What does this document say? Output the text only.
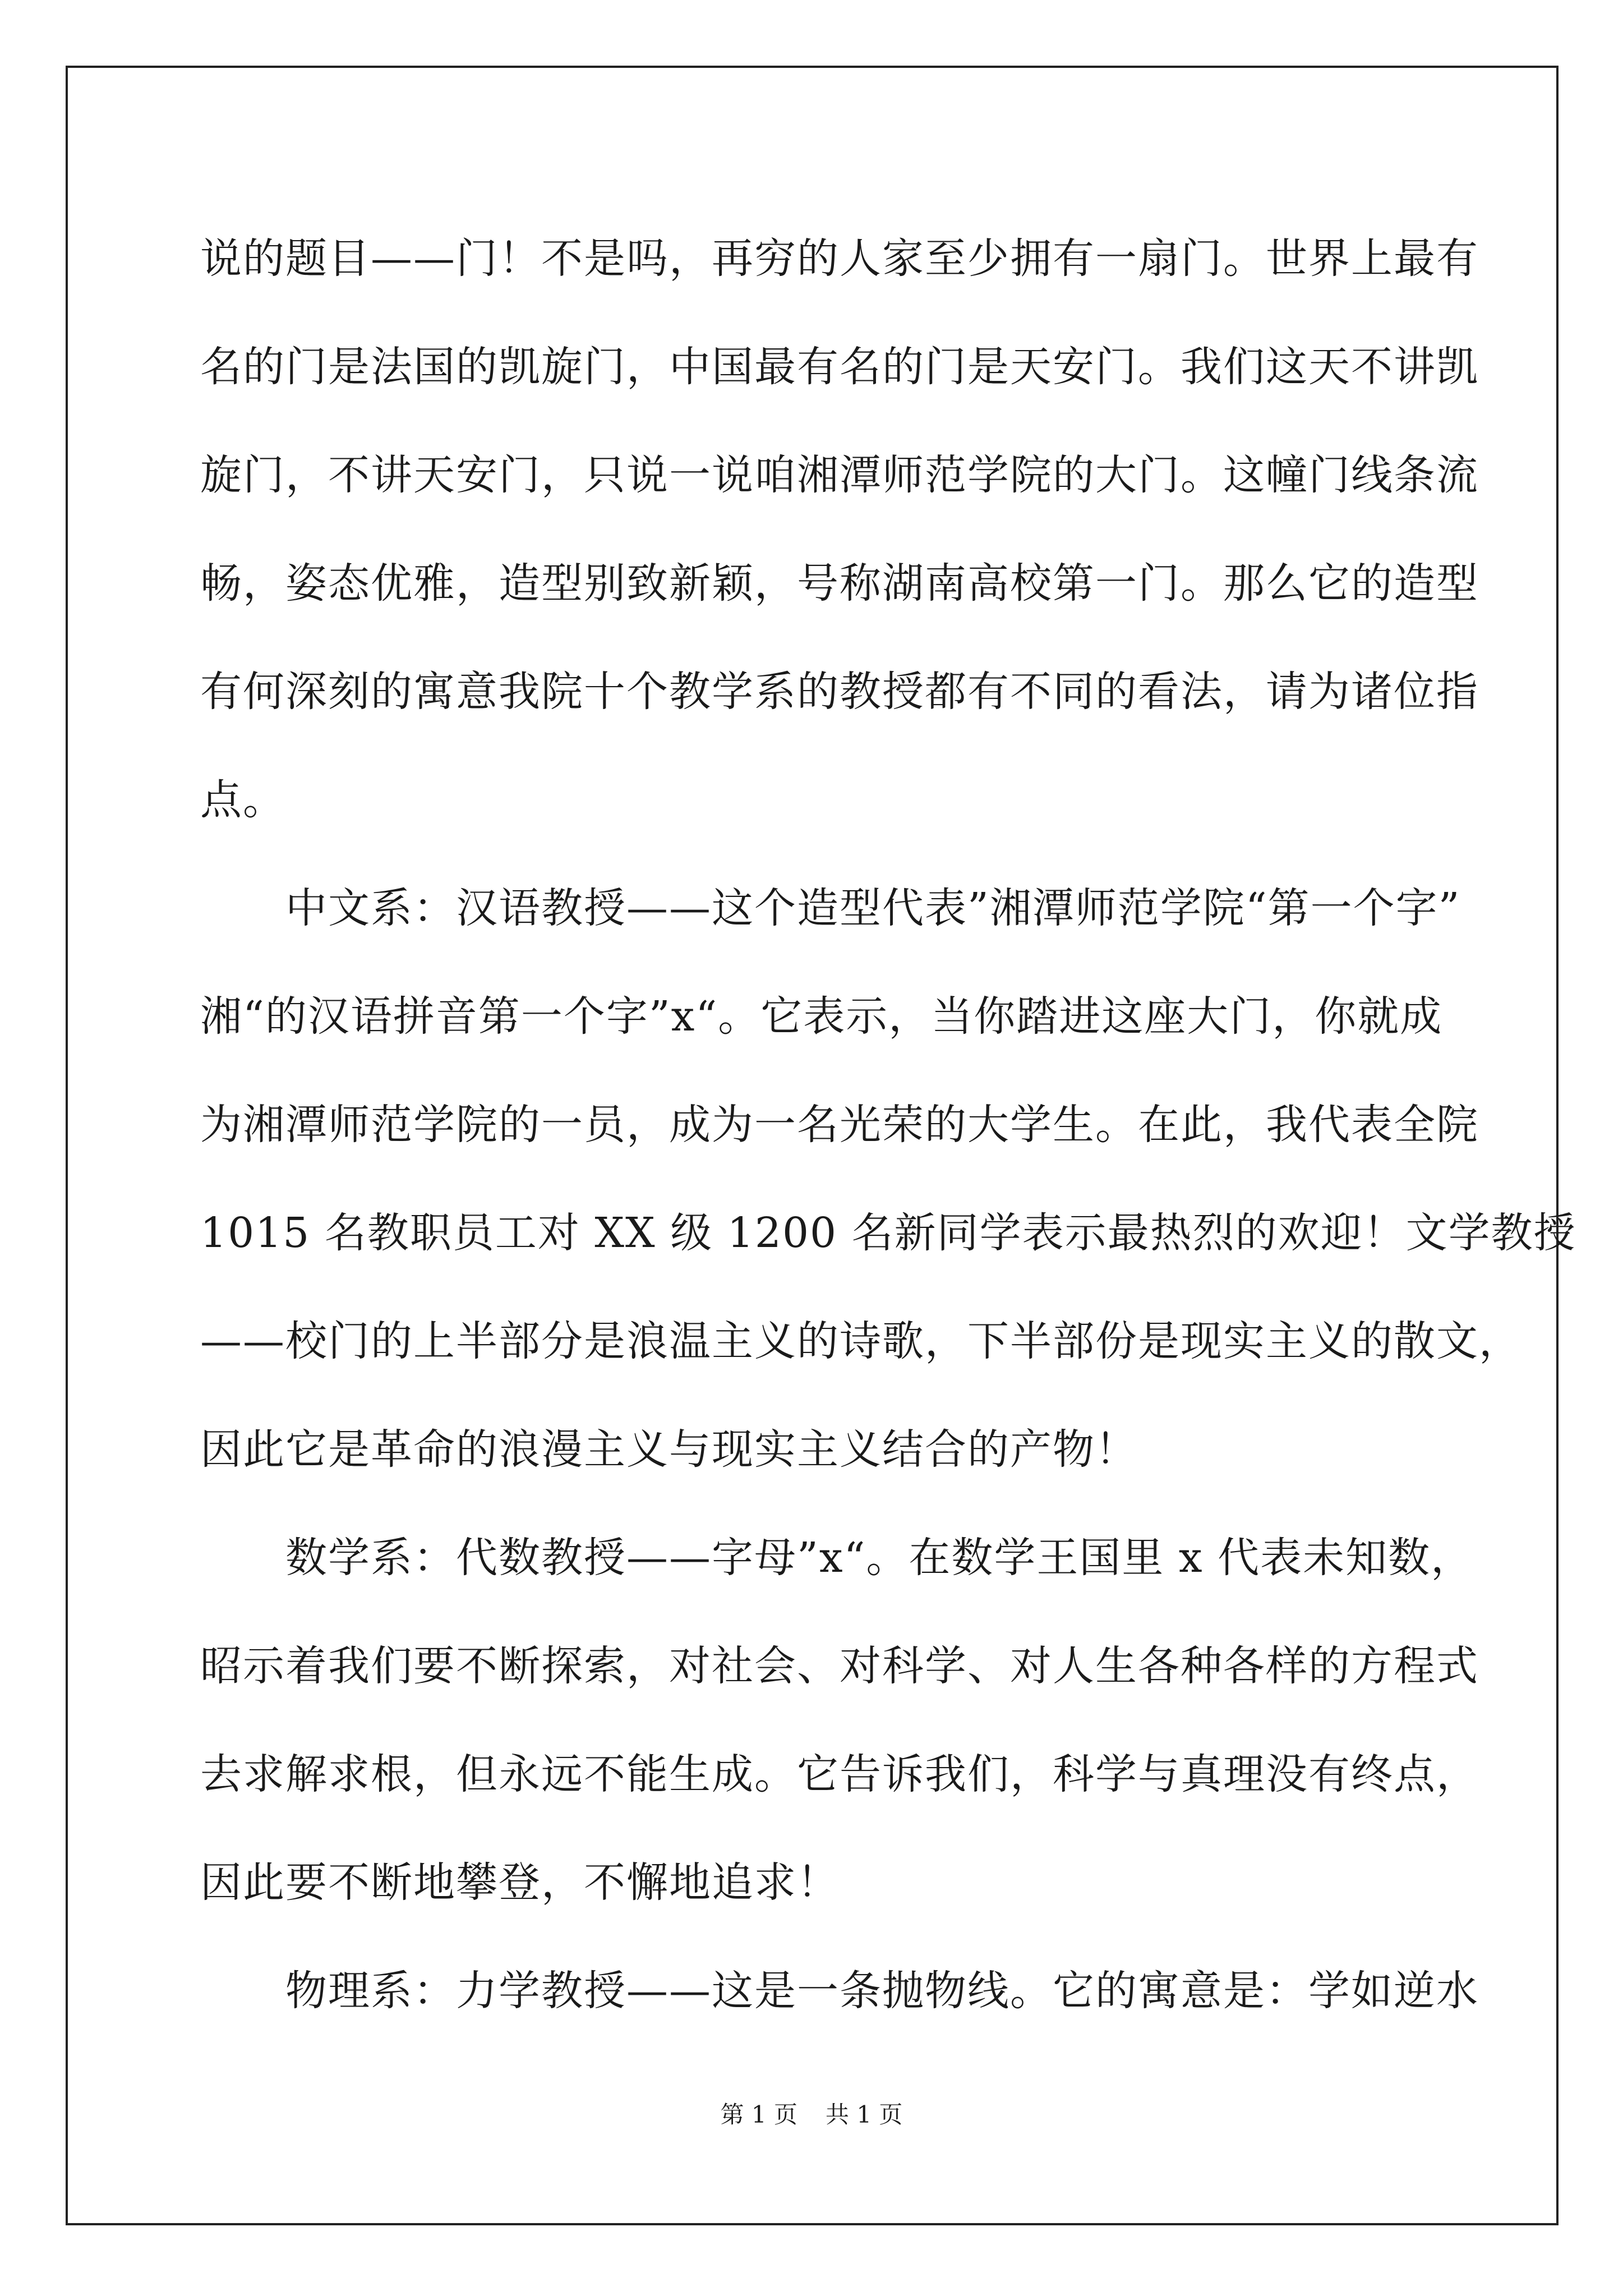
说的题目——门！不是吗，再穷的人家至少拥有一扇门。世界上最有
名的门是法国的凯旋门，中国最有名的门是天安门。我们这天不讲凯
旋门，不讲天安门，只说一说咱湘潭师范学院的大门。这幢门线条流
畅，姿态优雅，造型别致新颖，号称湖南高校第一门。那么它的造型
有何深刻的寓意我院十个教学系的教授都有不同的看法，请为诸位指
点。
中文系：汉语教授——这个造型代表”湘潭师范学院“第一个字”
湘“的汉语拼音第一个字”x“。它表示，当你踏进这座大门，你就成
为湘潭师范学院的一员，成为一名光荣的大学生。在此，我代表全院
1015 名教职员工对 XX 级 1200 名新同学表示最热烈的欢迎！文学教授
——校门的上半部分是浪温主义的诗歌，下半部份是现实主义的散文，
因此它是革命的浪漫主义与现实主义结合的产物！
数学系：代数教授——字母”x“。在数学王国里 x 代表未知数，
昭示着我们要不断探索，对社会、对科学、对人生各种各样的方程式
去求解求根，但永远不能生成。它告诉我们，科学与真理没有终点，
因此要不断地攀登，不懈地追求！
物理系：力学教授——这是一条抛物线。它的寓意是：学如逆水
第 1 页 共 1 页
